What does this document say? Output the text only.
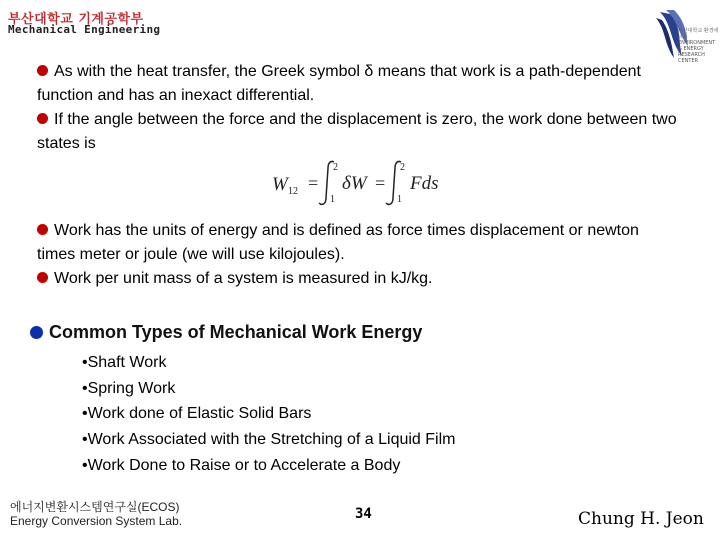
부산대학교 기계공학부
Mechanical Engineering	부산대학교 환경에너지
ENVIRONMENT & ENERGY
RESEARCH CENTER
As with the heat transfer, the Greek symbol δ means that work is a path-dependent function and has an inexact differential.
If the angle between the force and the displacement is zero, the work done between two states is
W 12 =
2
1
δW =
2
1
Fds
Work has the units of energy and is defined as force times displacement or newton times meter or joule (we will use kilojoules).
Work per unit mass of a system is measured in kJ/kg.
Common Types of Mechanical Work Energy
•Shaft Work
•Spring Work
•Work done of Elastic Solid Bars
•Work Associated with the Stretching of a Liquid Film
•Work Done to Raise or to Accelerate a Body
에너지변환시스템연구실(ECOS)
Energy Conversion System Lab.	34	Chung H. Jeon
